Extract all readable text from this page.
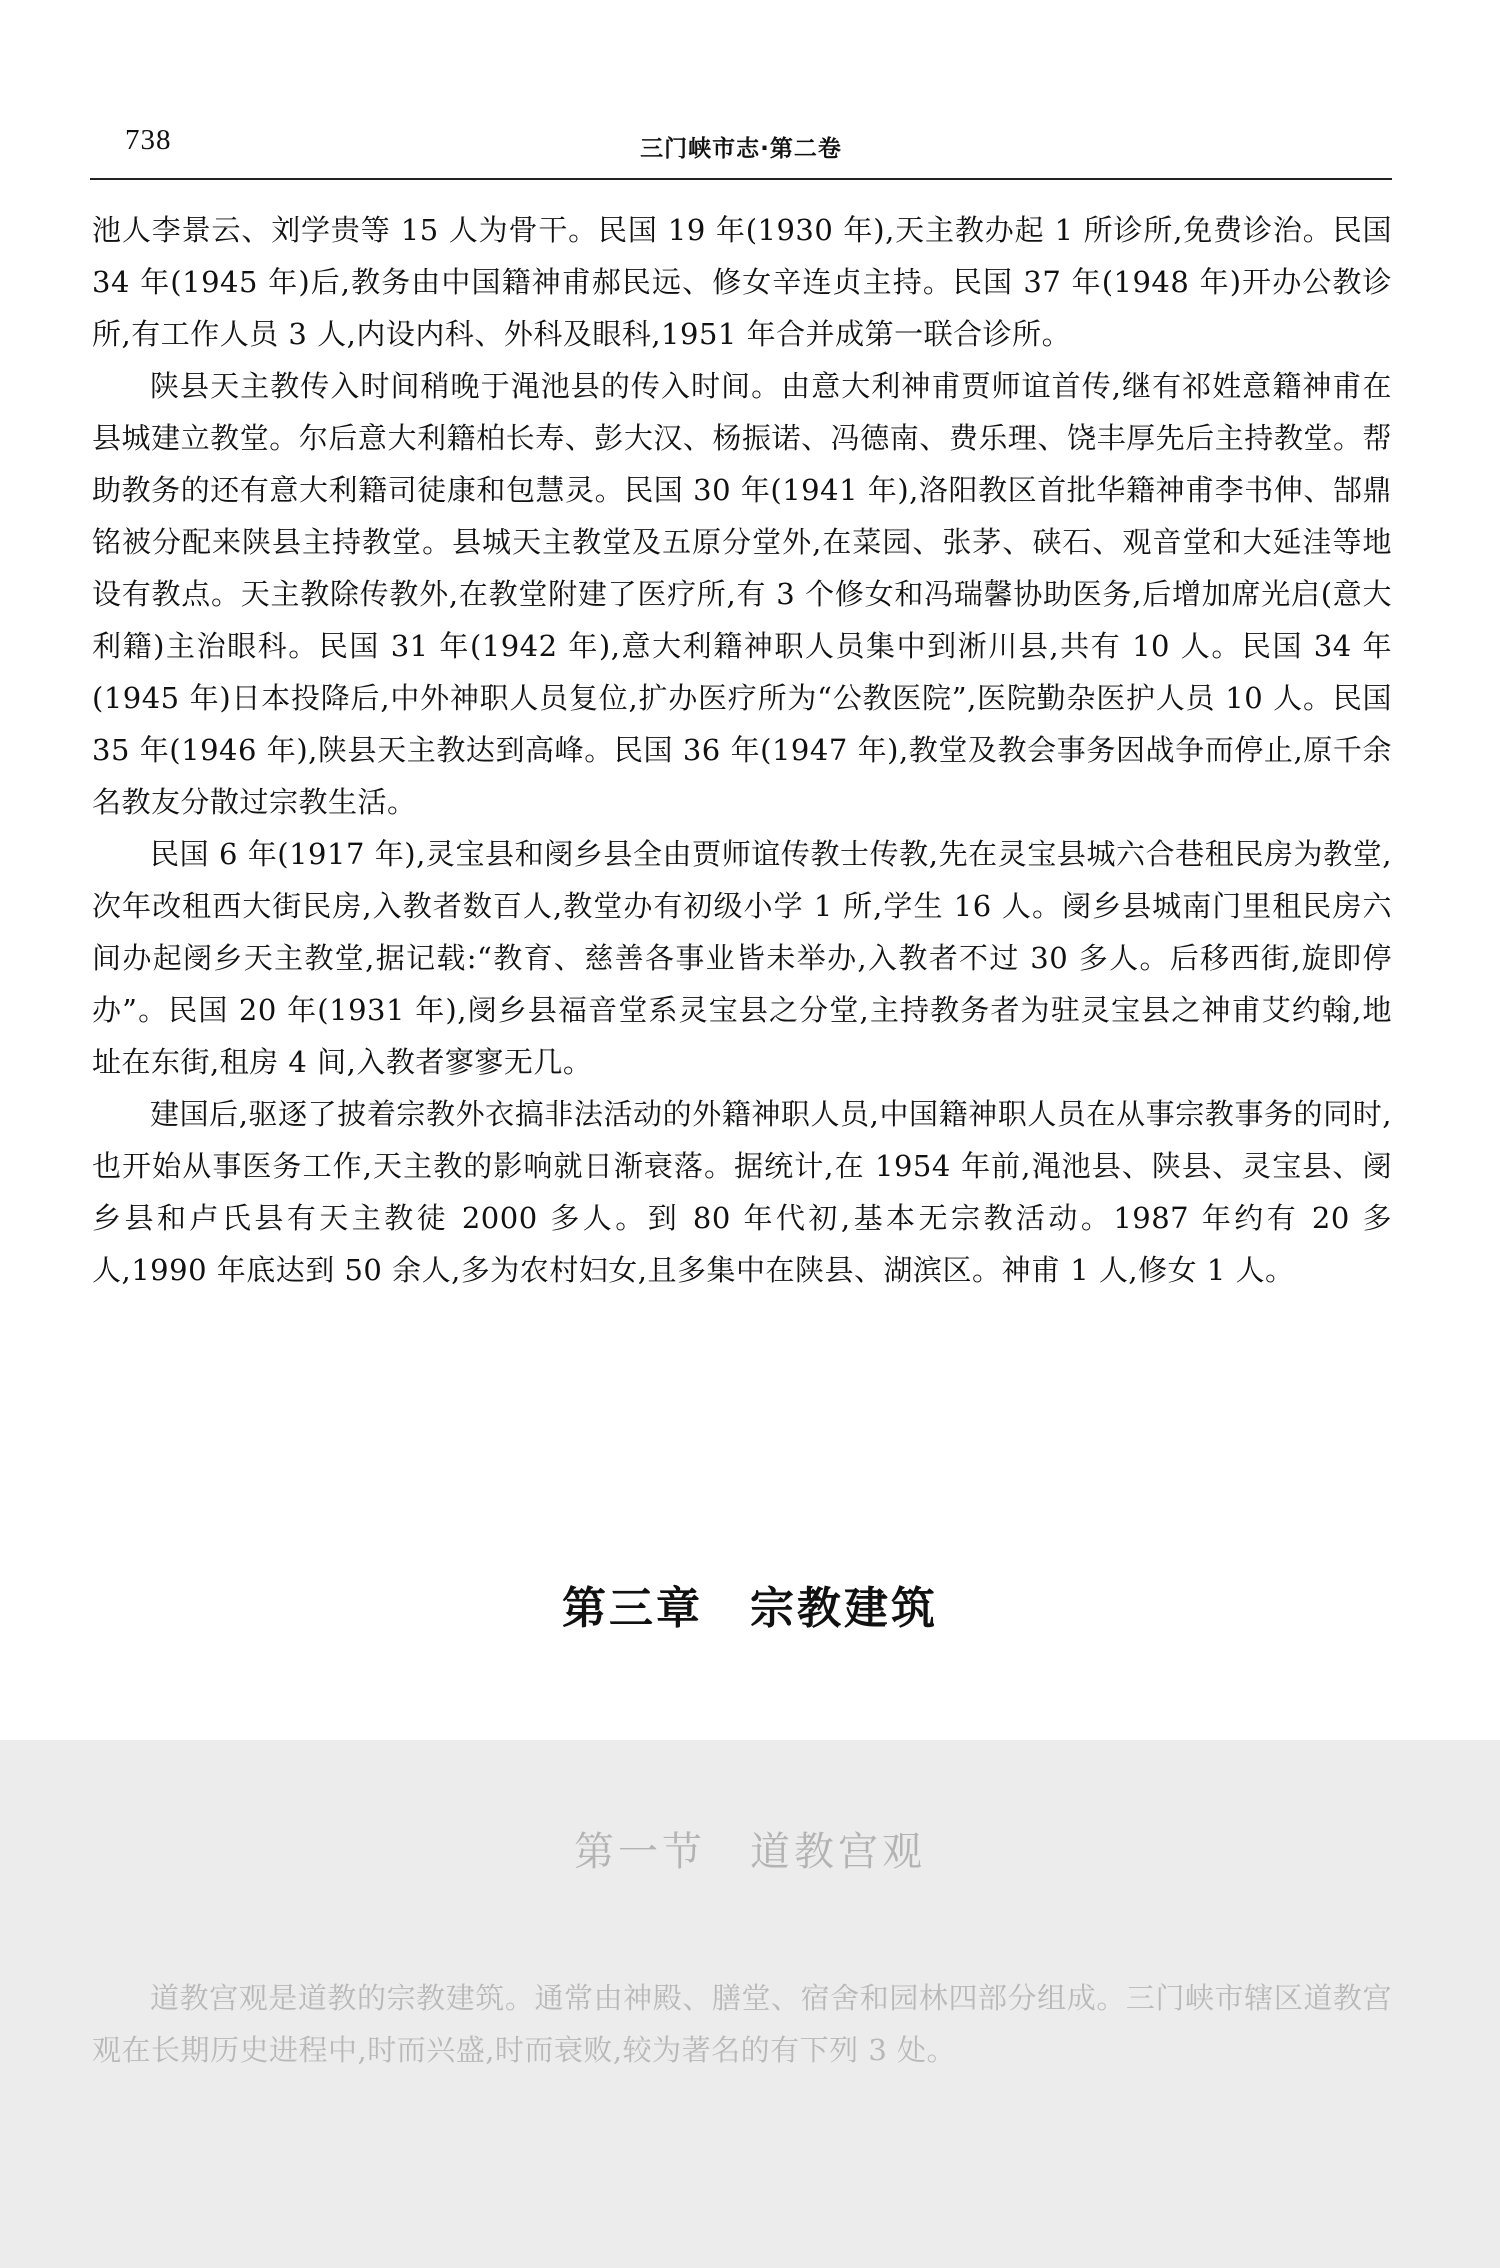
738	三门峡市志·第二卷

池人李景云、刘学贵等 15 人为骨干。民国 19 年(1930 年),天主教办起 1 所诊所,免费诊治。民国 34 年(1945 年)后,教务由中国籍神甫郝民远、修女辛连贞主持。民国 37 年(1948 年)开办公教诊所,有工作人员 3 人,内设内科、外科及眼科,1951 年合并成第一联合诊所。

陕县天主教传入时间稍晚于渑池县的传入时间。由意大利神甫贾师谊首传,继有祁姓意籍神甫在县城建立教堂。尔后意大利籍柏长寿、彭大汉、杨振诺、冯德南、费乐理、饶丰厚先后主持教堂。帮助教务的还有意大利籍司徒康和包慧灵。民国 30 年(1941 年),洛阳教区首批华籍神甫李书伸、郜鼎铭被分配来陕县主持教堂。县城天主教堂及五原分堂外,在菜园、张茅、硖石、观音堂和大延洼等地设有教点。天主教除传教外,在教堂附建了医疗所,有 3 个修女和冯瑞馨协助医务,后增加席光启(意大利籍)主治眼科。民国 31 年(1942 年),意大利籍神职人员集中到淅川县,共有 10 人。民国 34 年(1945 年)日本投降后,中外神职人员复位,扩办医疗所为“公教医院”,医院勤杂医护人员 10 人。民国 35 年(1946 年),陕县天主教达到高峰。民国 36 年(1947 年),教堂及教会事务因战争而停止,原千余名教友分散过宗教生活。

民国 6 年(1917 年),灵宝县和阌乡县全由贾师谊传教士传教,先在灵宝县城六合巷租民房为教堂,次年改租西大街民房,入教者数百人,教堂办有初级小学 1 所,学生 16 人。阌乡县城南门里租民房六间办起阌乡天主教堂,据记载:“教育、慈善各事业皆未举办,入教者不过 30 多人。后移西街,旋即停办”。民国 20 年(1931 年),阌乡县福音堂系灵宝县之分堂,主持教务者为驻灵宝县之神甫艾约翰,地址在东街,租房 4 间,入教者寥寥无几。

建国后,驱逐了披着宗教外衣搞非法活动的外籍神职人员,中国籍神职人员在从事宗教事务的同时,也开始从事医务工作,天主教的影响就日渐衰落。据统计,在 1954 年前,渑池县、陕县、灵宝县、阌乡县和卢氏县有天主教徒 2000 多人。到 80 年代初,基本无宗教活动。1987 年约有 20 多人,1990 年底达到 50 余人,多为农村妇女,且多集中在陕县、湖滨区。神甫 1 人,修女 1 人。

第三章　宗教建筑
第一节　道教宫观

道教宫观是道教的宗教建筑。通常由神殿、膳堂、宿舍和园林四部分组成。三门峡市辖区道教宫观在长期历史进程中,时而兴盛,时而衰败,较为著名的有下列 3 处。
